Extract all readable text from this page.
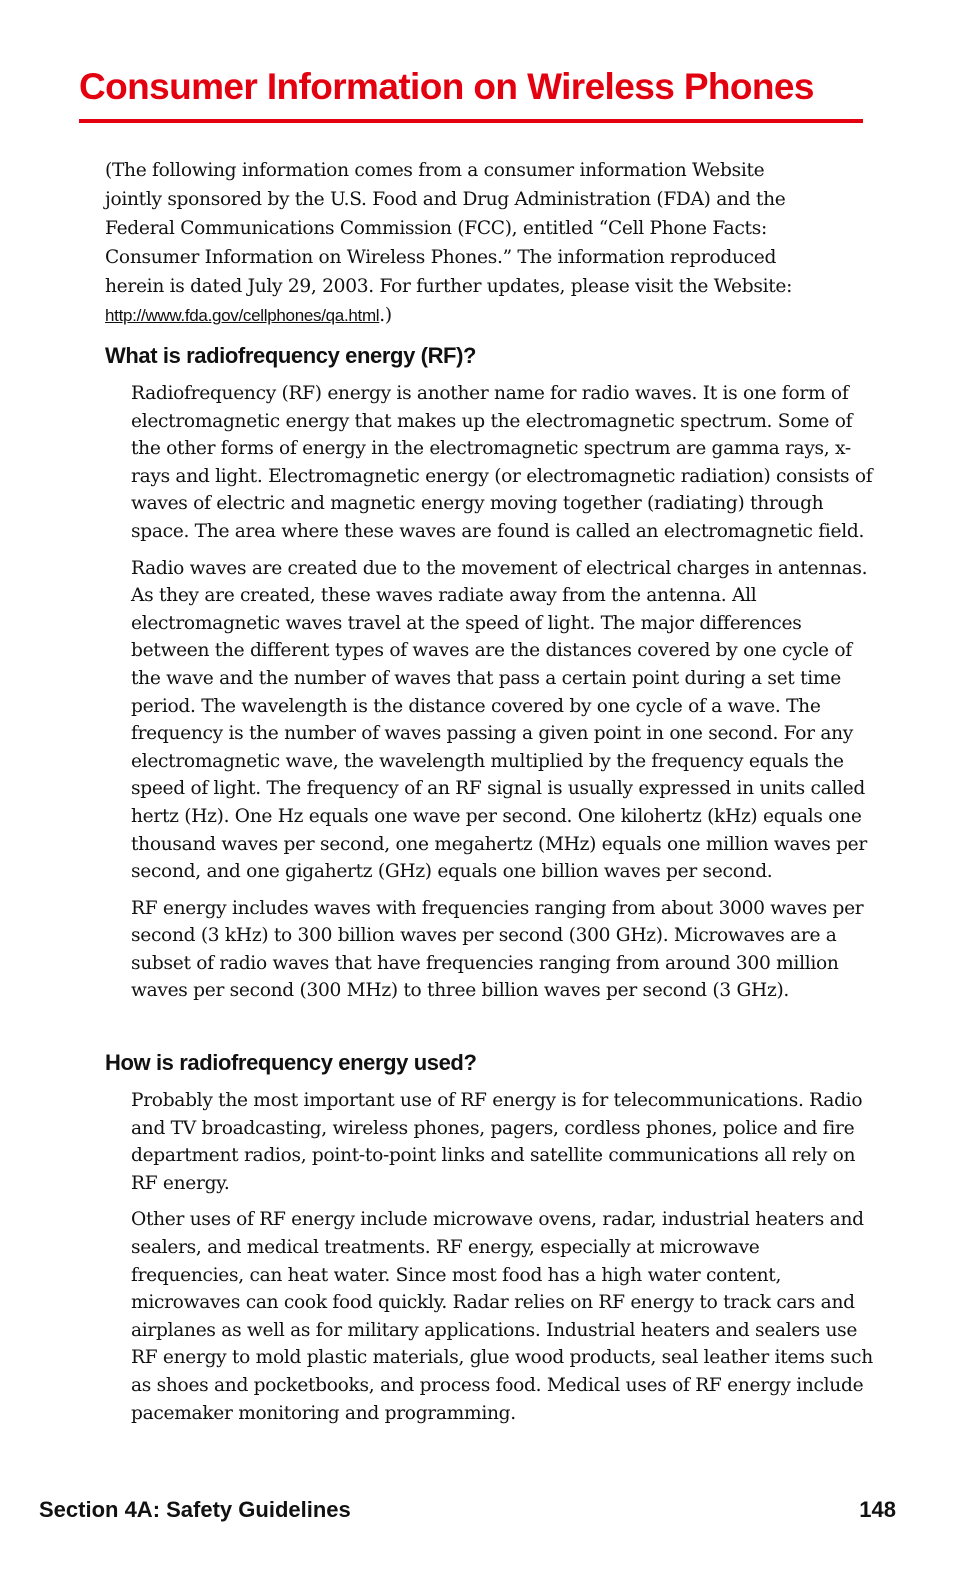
Consumer Information on Wireless Phones

(The following information comes from a consumer information Website jointly sponsored by the U.S. Food and Drug Administration (FDA) and the Federal Communications Commission (FCC), entitled “Cell Phone Facts: Consumer Information on Wireless Phones.” The information reproduced herein is dated July 29, 2003. For further updates, please visit the Website: http://www.fda.gov/cellphones/qa.html.)

What is radiofrequency energy (RF)?

Radiofrequency (RF) energy is another name for radio waves. It is one form of electromagnetic energy that makes up the electromagnetic spectrum. Some of the other forms of energy in the electromagnetic spectrum are gamma rays, x-rays and light. Electromagnetic energy (or electromagnetic radiation) consists of waves of electric and magnetic energy moving together (radiating) through space. The area where these waves are found is called an electromagnetic field.

Radio waves are created due to the movement of electrical charges in antennas. As they are created, these waves radiate away from the antenna. All electromagnetic waves travel at the speed of light. The major differences between the different types of waves are the distances covered by one cycle of the wave and the number of waves that pass a certain point during a set time period. The wavelength is the distance covered by one cycle of a wave. The frequency is the number of waves passing a given point in one second. For any electromagnetic wave, the wavelength multiplied by the frequency equals the speed of light. The frequency of an RF signal is usually expressed in units called hertz (Hz). One Hz equals one wave per second. One kilohertz (kHz) equals one thousand waves per second, one megahertz (MHz) equals one million waves per second, and one gigahertz (GHz) equals one billion waves per second.

RF energy includes waves with frequencies ranging from about 3000 waves per second (3 kHz) to 300 billion waves per second (300 GHz). Microwaves are a subset of radio waves that have frequencies ranging from around 300 million waves per second (300 MHz) to three billion waves per second (3 GHz).

How is radiofrequency energy used?

Probably the most important use of RF energy is for telecommunications. Radio and TV broadcasting, wireless phones, pagers, cordless phones, police and fire department radios, point-to-point links and satellite communications all rely on RF energy.

Other uses of RF energy include microwave ovens, radar, industrial heaters and sealers, and medical treatments. RF energy, especially at microwave frequencies, can heat water. Since most food has a high water content, microwaves can cook food quickly. Radar relies on RF energy to track cars and airplanes as well as for military applications. Industrial heaters and sealers use RF energy to mold plastic materials, glue wood products, seal leather items such as shoes and pocketbooks, and process food. Medical uses of RF energy include pacemaker monitoring and programming.

Section 4A: Safety Guidelines	148
